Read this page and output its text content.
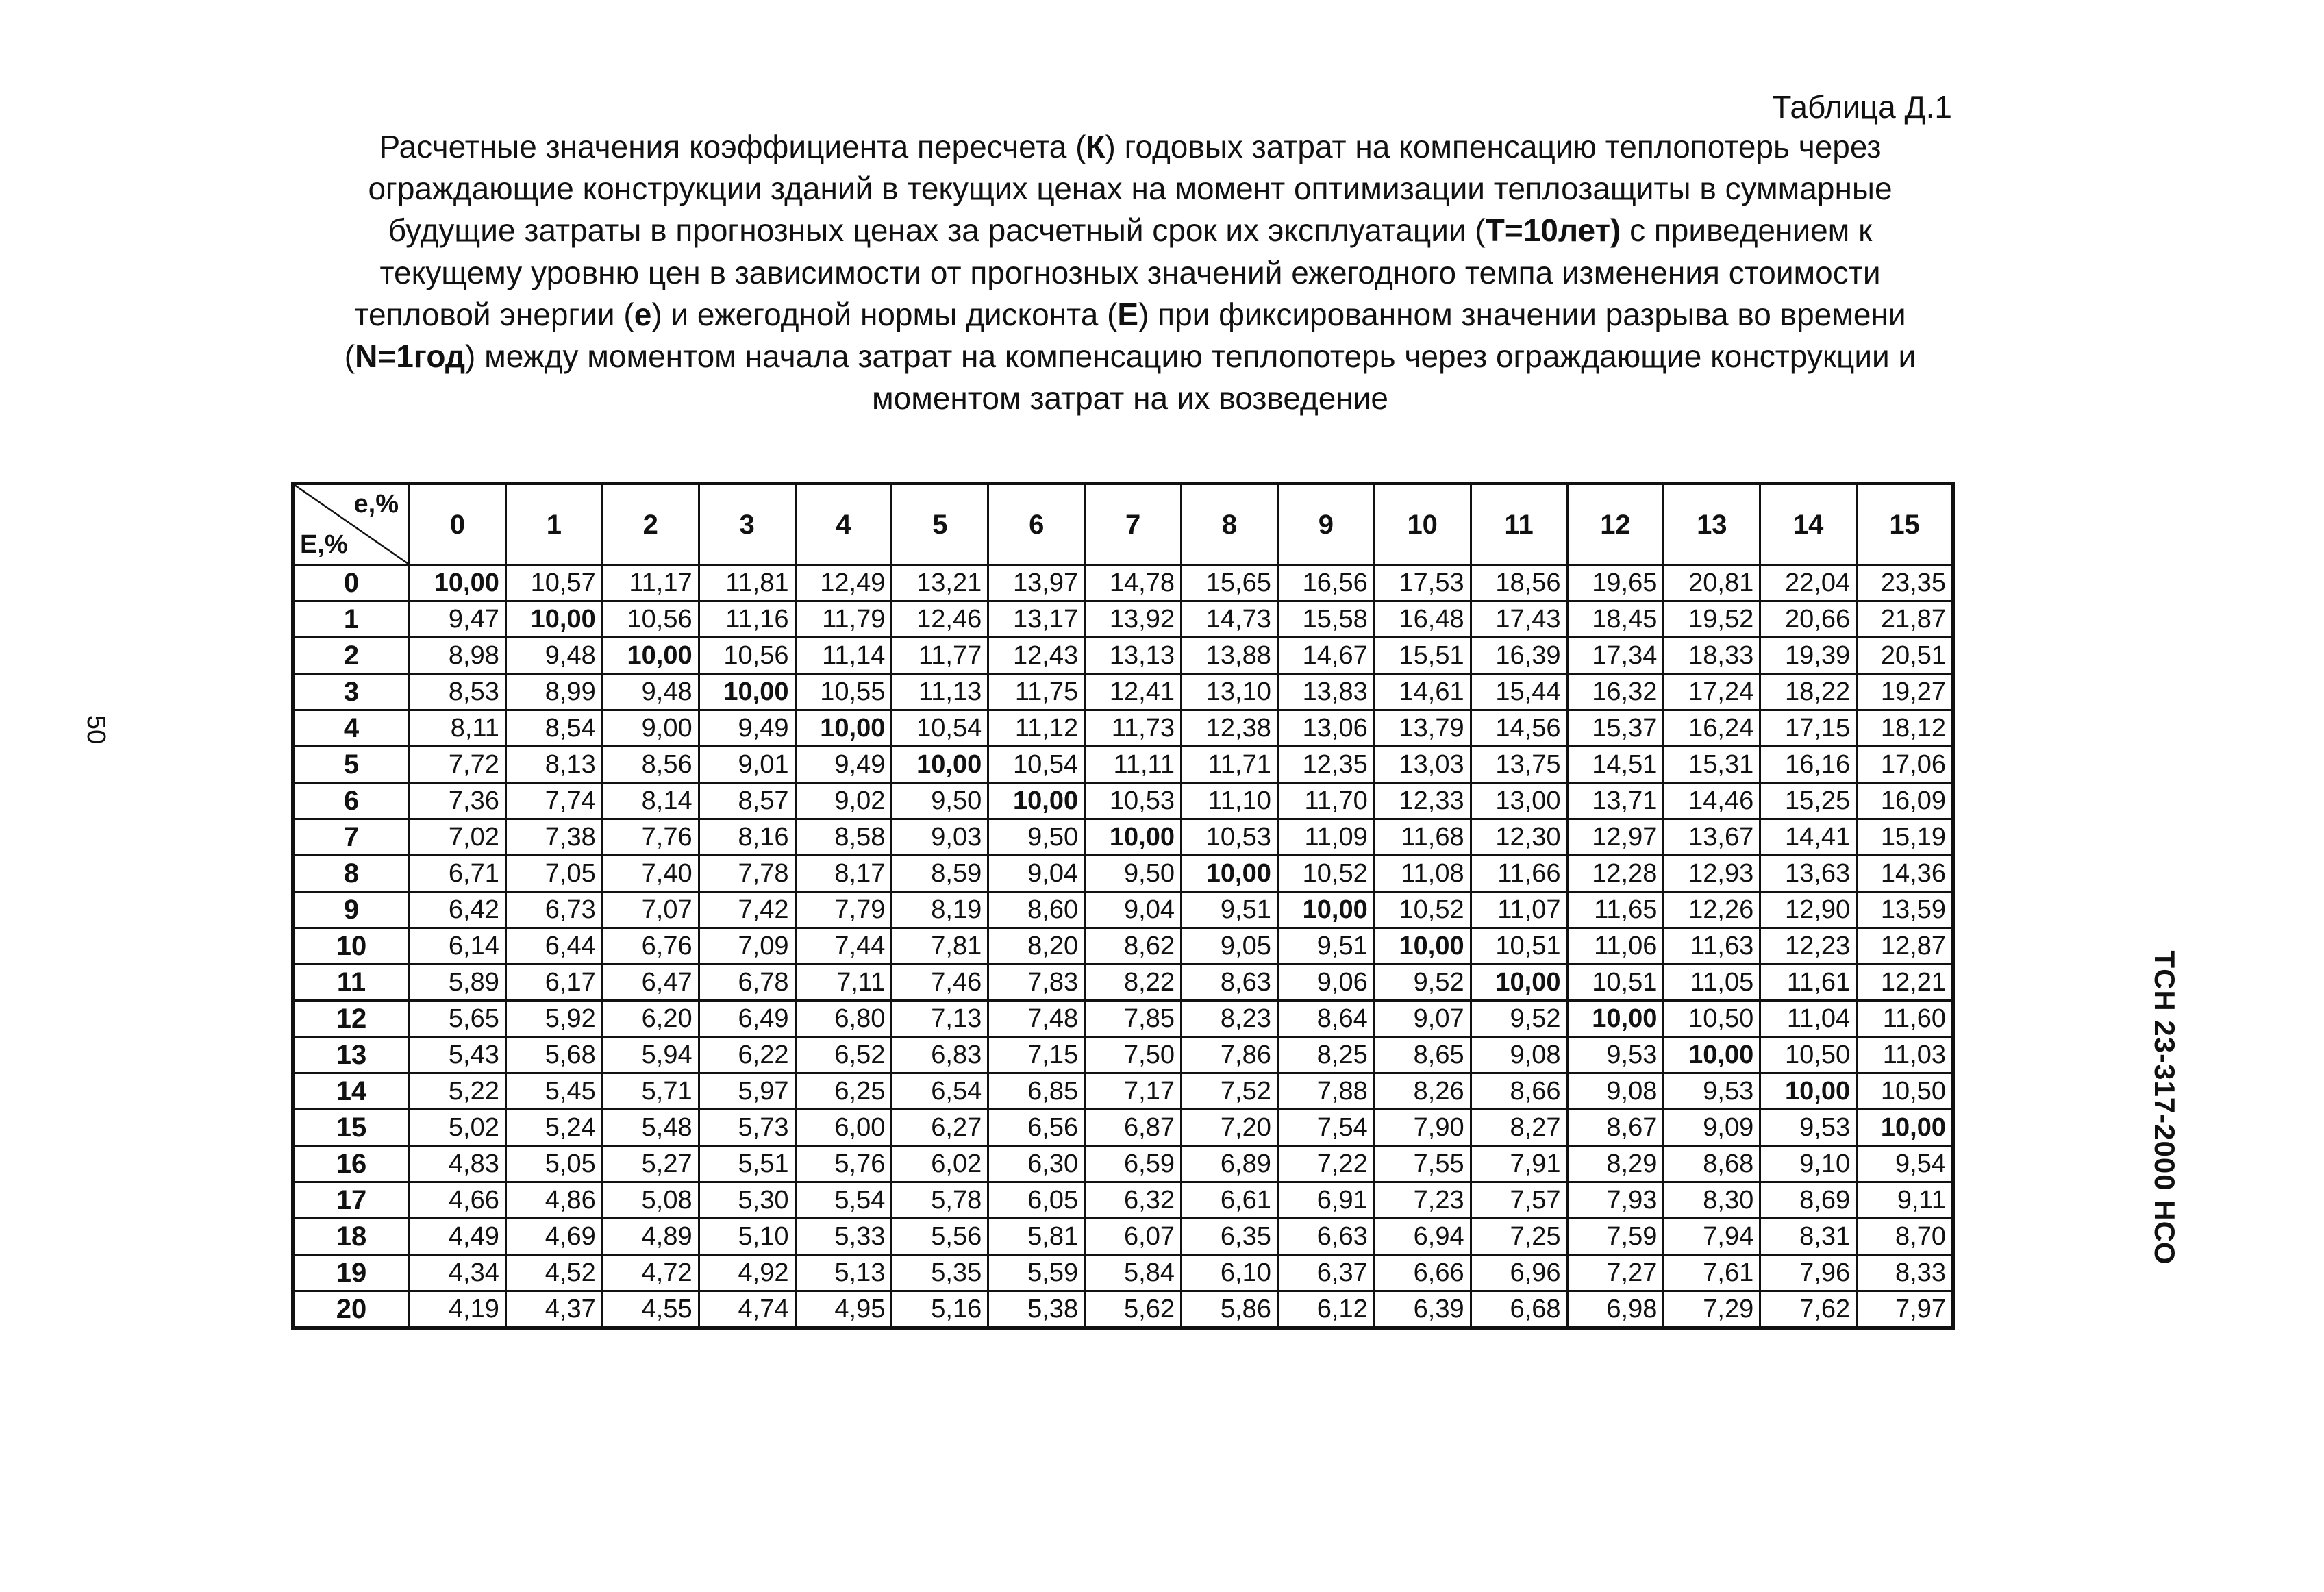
Таблица Д.1
Расчетные значения коэффициента пересчета (К) годовых затрат на компенсацию теплопотерь через ограждающие конструкции зданий в текущих ценах на момент оптимизации теплозащиты в суммарные будущие затраты в прогнозных ценах за расчетный срок их эксплуатации (Т=10лет) с приведением к текущему уровню цен в зависимости от прогнозных значений ежегодного темпа изменения стоимости тепловой энергии (е) и ежегодной нормы дисконта (Е) при фиксированном значении разрыва во времени (N=1год) между моментом начала затрат на компенсацию теплопотерь через ограждающие конструкции и моментом затрат на их возведение
50
ТСН 23-317-2000 НСО
е,%
Е,%	0	1	2	3	4	5	6	7	8	9	10	11	12	13	14	15
0	10,00	10,57	11,17	11,81	12,49	13,21	13,97	14,78	15,65	16,56	17,53	18,56	19,65	20,81	22,04	23,35
1	9,47	10,00	10,56	11,16	11,79	12,46	13,17	13,92	14,73	15,58	16,48	17,43	18,45	19,52	20,66	21,87
2	8,98	9,48	10,00	10,56	11,14	11,77	12,43	13,13	13,88	14,67	15,51	16,39	17,34	18,33	19,39	20,51
3	8,53	8,99	9,48	10,00	10,55	11,13	11,75	12,41	13,10	13,83	14,61	15,44	16,32	17,24	18,22	19,27
4	8,11	8,54	9,00	9,49	10,00	10,54	11,12	11,73	12,38	13,06	13,79	14,56	15,37	16,24	17,15	18,12
5	7,72	8,13	8,56	9,01	9,49	10,00	10,54	11,11	11,71	12,35	13,03	13,75	14,51	15,31	16,16	17,06
6	7,36	7,74	8,14	8,57	9,02	9,50	10,00	10,53	11,10	11,70	12,33	13,00	13,71	14,46	15,25	16,09
7	7,02	7,38	7,76	8,16	8,58	9,03	9,50	10,00	10,53	11,09	11,68	12,30	12,97	13,67	14,41	15,19
8	6,71	7,05	7,40	7,78	8,17	8,59	9,04	9,50	10,00	10,52	11,08	11,66	12,28	12,93	13,63	14,36
9	6,42	6,73	7,07	7,42	7,79	8,19	8,60	9,04	9,51	10,00	10,52	11,07	11,65	12,26	12,90	13,59
10	6,14	6,44	6,76	7,09	7,44	7,81	8,20	8,62	9,05	9,51	10,00	10,51	11,06	11,63	12,23	12,87
11	5,89	6,17	6,47	6,78	7,11	7,46	7,83	8,22	8,63	9,06	9,52	10,00	10,51	11,05	11,61	12,21
12	5,65	5,92	6,20	6,49	6,80	7,13	7,48	7,85	8,23	8,64	9,07	9,52	10,00	10,50	11,04	11,60
13	5,43	5,68	5,94	6,22	6,52	6,83	7,15	7,50	7,86	8,25	8,65	9,08	9,53	10,00	10,50	11,03
14	5,22	5,45	5,71	5,97	6,25	6,54	6,85	7,17	7,52	7,88	8,26	8,66	9,08	9,53	10,00	10,50
15	5,02	5,24	5,48	5,73	6,00	6,27	6,56	6,87	7,20	7,54	7,90	8,27	8,67	9,09	9,53	10,00
16	4,83	5,05	5,27	5,51	5,76	6,02	6,30	6,59	6,89	7,22	7,55	7,91	8,29	8,68	9,10	9,54
17	4,66	4,86	5,08	5,30	5,54	5,78	6,05	6,32	6,61	6,91	7,23	7,57	7,93	8,30	8,69	9,11
18	4,49	4,69	4,89	5,10	5,33	5,56	5,81	6,07	6,35	6,63	6,94	7,25	7,59	7,94	8,31	8,70
19	4,34	4,52	4,72	4,92	5,13	5,35	5,59	5,84	6,10	6,37	6,66	6,96	7,27	7,61	7,96	8,33
20	4,19	4,37	4,55	4,74	4,95	5,16	5,38	5,62	5,86	6,12	6,39	6,68	6,98	7,29	7,62	7,97
